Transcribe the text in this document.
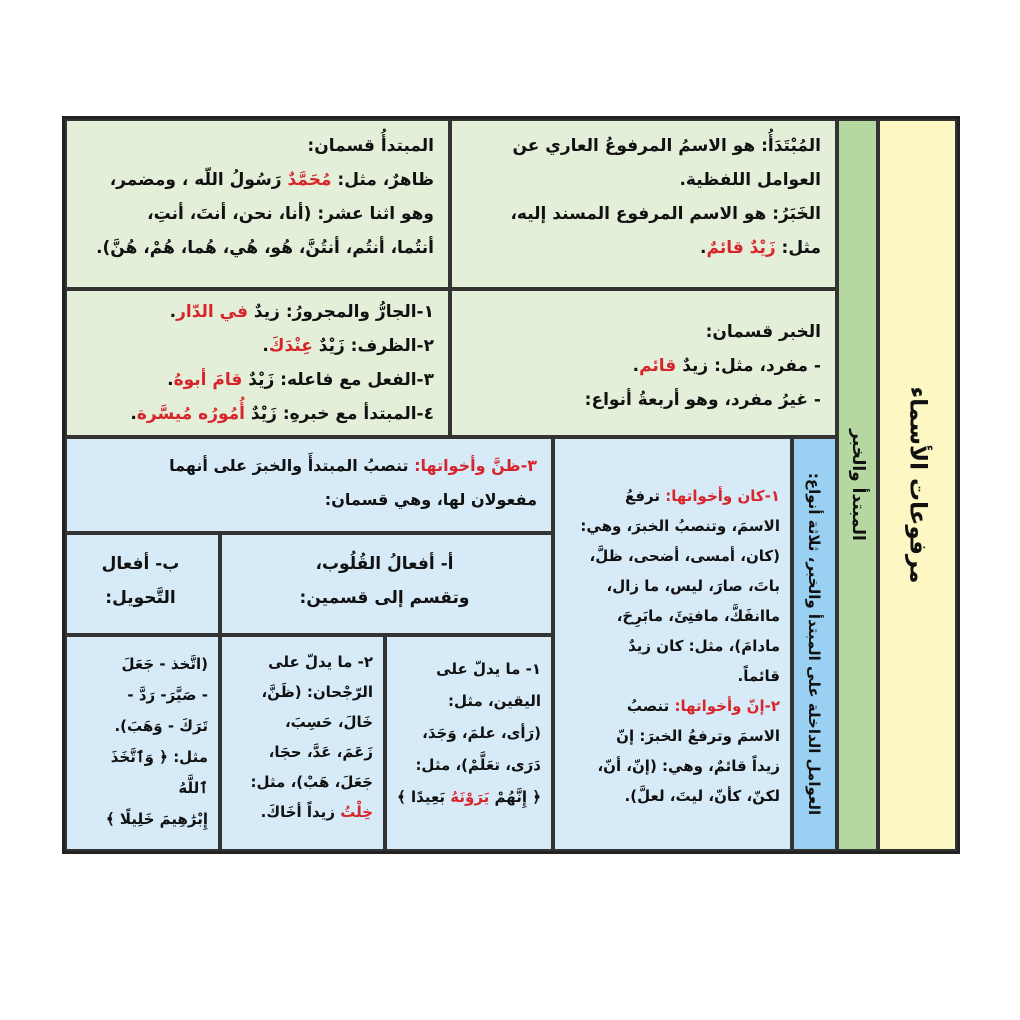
مرفوعات الأسماء
المبتدأ والخبر
العوامل الداخلة على المبتدأ والخبر، ثلاثة أنواع:
المُبْتَدَأُ: هو الاسمُ المرفوعُ العاري عن
العوامل اللفظية.
الخَبَرُ: هو الاسم المرفوع المسند إليه،
مثل: زَيْدٌ قائمٌ.
المبتدأُ قسمان:
ظاهرٌ، مثل: مُحَمَّدٌ رَسُولُ اللّه ، ومضمر،
وهو اثنا عشر: (أنا، نحن، أنتَ، أنتِ،
أنتُما، أنتُم، أنتُنَّ، هُو، هُي، هُما، هُمْ، هُنَّ).
الخبر قسمان:
- مفرد، مثل: زيدٌ قائم.
- غيرُ مفرد، وهو أربعةُ أنواع:
١-الجارُّ والمجرورُ: زيدٌ في الدّار.
٢-الظرف: زَيْدٌ عِنْدَكَ.
٣-الفعل مع فاعله: زَيْدٌ قامَ أبوهُ.
٤-المبتدأ مع خبرهِ: زَيْدٌ أُمُورُه مُيسَّرة.
١-كان وأخواتها: ترفعُ
الاسمَ، وتنصبُ الخبرَ، وهي:
(كان، أمسى، أضحى، ظلَّ،
باتَ، صارَ، ليس، ما زال،
ماانفَكَّ، مافتِئَ، مابَرِحَ،
مادامَ)، مثل: كان زيدٌ
قائماً.
٢-إنّ وأخواتها: تنصبُ
الاسمَ وترفعُ الخبرَ: إنّ
زيداً قائمٌ، وهي: (إنّ، أنّ،
لكنّ، كأنّ، ليتَ، لعلَّ).
٣-ظنَّ وأخواتها: تنصبُ المبتدأَ والخبرَ على أنهما
مفعولان لها، وهي قسمان:
أ- أفعالُ القُلُوب،
وتقسم إلى قسمين:
ب- أفعال
التَّحويل:
١- ما يدلّ على
اليقين، مثل:
(رَأى، علمَ، وَجَدَ،
دَرَى، تعَلَّمْ)، مثل:
﴿ إِنَّهُمْ يَرَوْنَهُ بَعِيدًا ﴾
٢- ما يدلّ على
الرّجْحان: (ظَنَّ،
خَالَ، حَسِبَ،
زَعَمَ، عَدَّ، حجَا،
جَعَلَ، هَبْ)، مثل:
خِلْتُ زيداً أخَاكَ.
(اتَّخذ - جَعَلَ
- صَيَّرَ- رَدَّ -
تَرَكَ - وَهَبَ).
مثل: ﴿ وَٱتَّخَذَ ٱللَّهُ
إِبْرَٰهِيمَ خَلِيلًا ﴾
